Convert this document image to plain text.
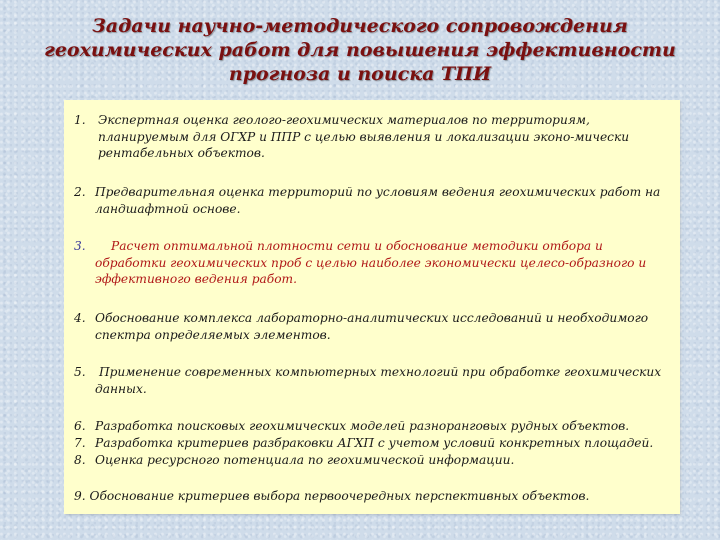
Задачи научно-методического сопровождения
геохимических работ для повышения эффективности
прогноза и поиска ТПИ
1.	Экспертная оценка геолого-геохимических материалов по территориям, планируемым для ОГХР и ППР с целью выявления и локализации эконо-мически рентабельных объектов.
2. Предварительная оценка территорий по условиям ведения геохимических работ на ландшафтной основе.
3.	Расчет оптимальной плотности сети и обоснование методики отбора и обработки геохимических проб с целью наиболее экономически целесо-образного и эффективного ведения работ.
4. Обоснование комплекса лабораторно-аналитических исследований и необходимого спектра определяемых элементов.
5.	Применение современных компьютерных технологий при обработке геохимических данных.
6. Разработка поисковых геохимических моделей разноранговых рудных объектов.
7. Разработка критериев разбраковки АГХП с учетом условий конкретных площадей.
8. Оценка ресурсного потенциала по геохимической информации.
9. Обоснование критериев выбора первоочередных перспективных объектов.
